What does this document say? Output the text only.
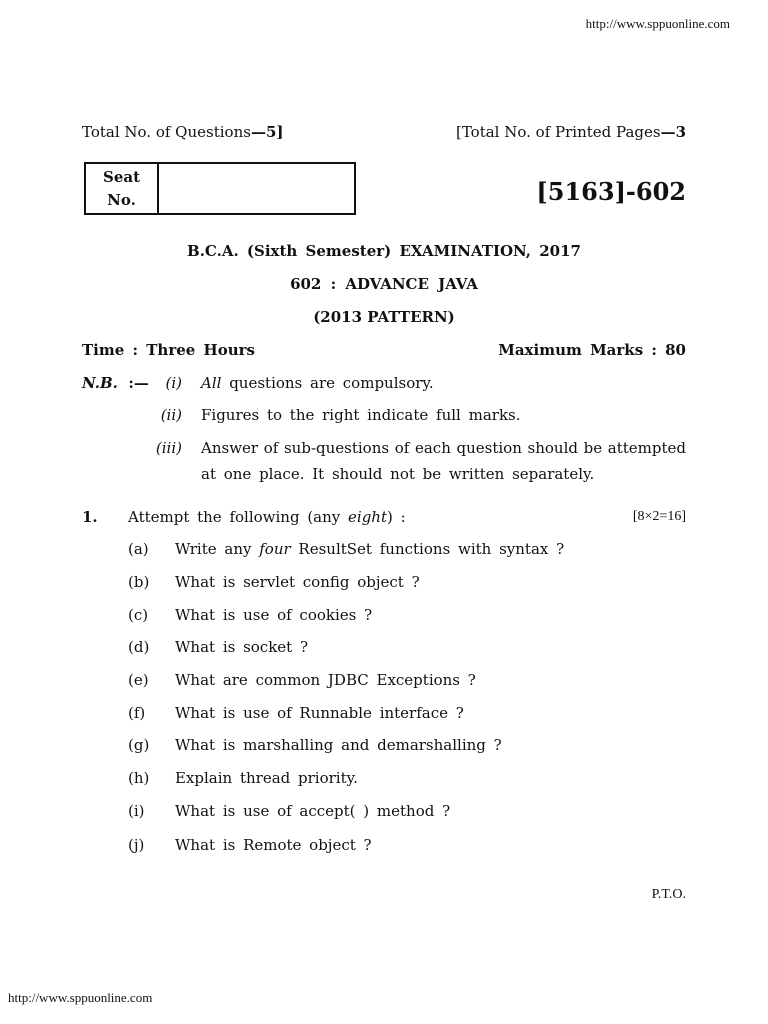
http://www.sppuonline.com
Total No. of Questions—5]	[Total No. of Printed Pages—3
Seat
No.	[5163]-602
B.C.A. (Sixth Semester) EXAMINATION, 2017
602 : ADVANCE JAVA
(2013 PATTERN)
Time : Three Hours	Maximum Marks : 80
N.B. :—	(i) All questions are compulsory.
(ii) Figures to the right indicate full marks.
(iii) Answer of sub-questions of each question should be attempted
at one place. It should not be written separately.
1. Attempt the following (any eight) :	[8×2=16]
(a) Write any four ResultSet functions with syntax ?
(b) What is servlet config object ?
(c) What is use of cookies ?
(d) What is socket ?
(e) What are common JDBC Exceptions ?
(f) What is use of Runnable interface ?
(g) What is marshalling and demarshalling ?
(h) Explain thread priority.
(i) What is use of accept( ) method ?
(j) What is Remote object ?
P.T.O.
http://www.sppuonline.com
